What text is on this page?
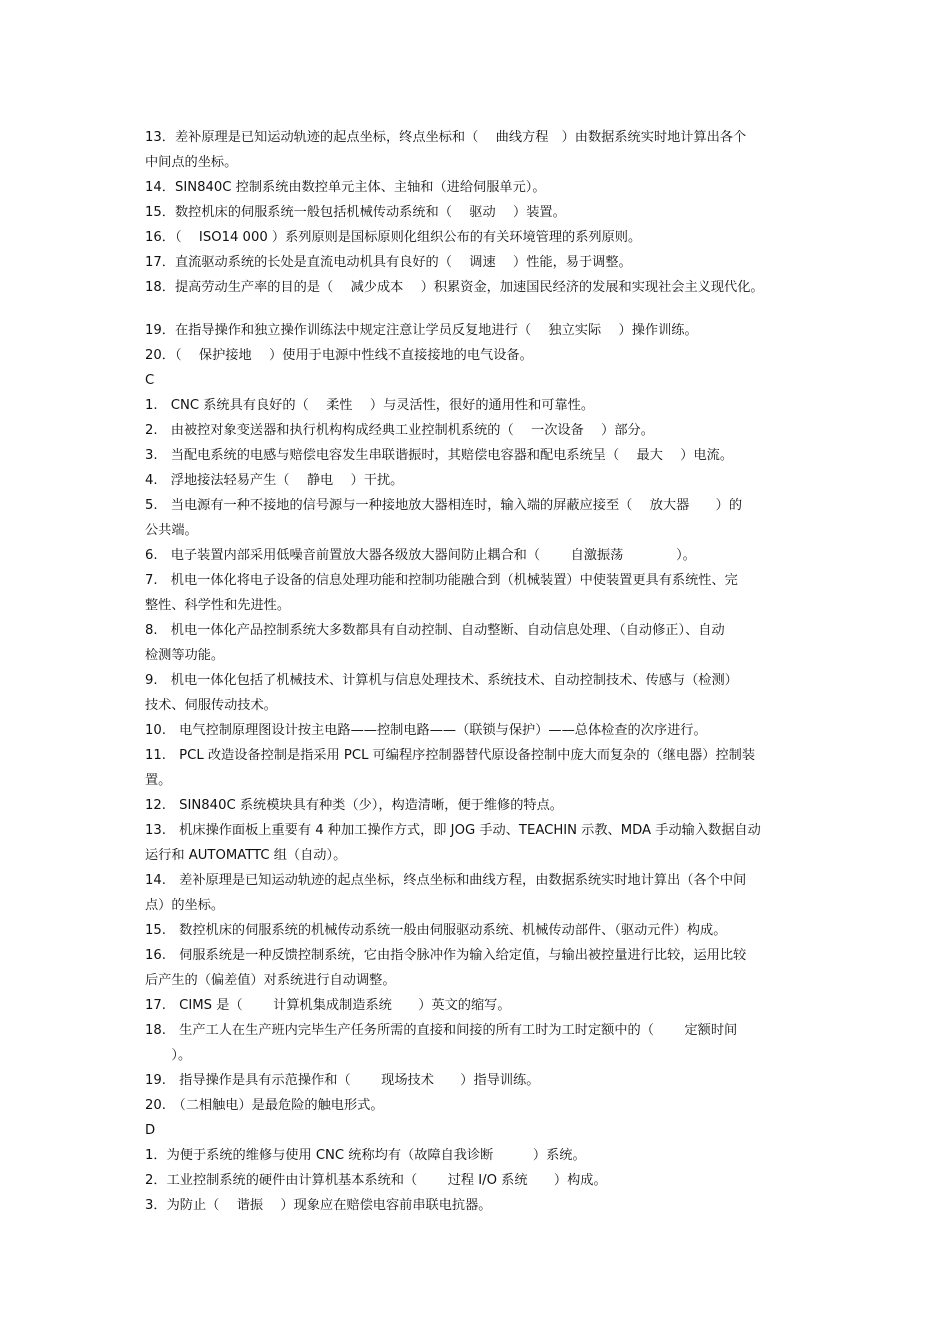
13．差补原理是已知运动轨迹的起点坐标，终点坐标和（　 曲线方程　）由数据系统实时地计算出各个
中间点的坐标。
14．SIN840C 控制系统由数控单元主体、主轴和（进给伺服单元）。
15．数控机床的伺服系统一般包括机械传动系统和（　 驱动　 ）装置。
16．（　 ISO14 000 ）系列原则是国标原则化组织公布的有关环境管理的系列原则。
17．直流驱动系统的长处是直流电动机具有良好的（　 调速　 ）性能，易于调整。
18．提高劳动生产率的目的是（　 减少成本　 ）积累资金，加速国民经济的发展和实现社会主义现代化。
19．在指导操作和独立操作训练法中规定注意让学员反复地进行（　 独立实际　 ）操作训练。
20．（　 保护接地　 ）使用于电源中性线不直接接地的电气设备。
C
1.　CNC 系统具有良好的（　 柔性　 ）与灵活性，很好的通用性和可靠性。
2.　由被控对象变送器和执行机构构成经典工业控制机系统的（　 一次设备　 ）部分。
3.　当配电系统的电感与赔偿电容发生串联谐振时，其赔偿电容器和配电系统呈（　 最大　 ）电流。
4.　浮地接法轻易产生（　 静电　 ）干扰。
5.　当电源有一种不接地的信号源与一种接地放大器相连时，输入端的屏蔽应接至（　 放大器　　）的
公共端。
6.　电子装置内部采用低噪音前置放大器各级放大器间防止耦合和（　　 自激振荡　　　　）。
7.　机电一体化将电子设备的信息处理功能和控制功能融合到（机械装置）中使装置更具有系统性、完
整性、科学性和先进性。
8.　机电一体化产品控制系统大多数都具有自动控制、自动整断、自动信息处理、（自动修正）、自动
检测等功能。
9.　机电一体化包括了机械技术、计算机与信息处理技术、系统技术、自动控制技术、传感与（检测）
技术、伺服传动技术。
10.　电气控制原理图设计按主电路——控制电路——（联锁与保护）——总体检查的次序进行。
11.　PCL 改造设备控制是指采用 PCL 可编程序控制器替代原设备控制中庞大而复杂的（继电器）控制装
置。
12.　SIN840C 系统模块具有种类（少），构造清晰，便于维修的特点。
13.　机床操作面板上重要有 4 种加工操作方式，即 JOG 手动、TEACHIN 示教、MDA 手动输入数据自动
运行和 AUTOMATTC 组（自动）。
14.　差补原理是已知运动轨迹的起点坐标，终点坐标和曲线方程，由数据系统实时地计算出（各个中间
点）的坐标。
15.　数控机床的伺服系统的机械传动系统一般由伺服驱动系统、机械传动部件、（驱动元件）构成。
16.　伺服系统是一种反馈控制系统，它由指令脉冲作为输入给定值，与输出被控量进行比较，运用比较
后产生的（偏差值）对系统进行自动调整。
17.　CIMS 是（　　 计算机集成制造系统　　）英文的缩写。
18.　生产工人在生产班内完毕生产任务所需的直接和间接的所有工时为工时定额中的（　　 定额时间
　　）。
19.　指导操作是具有示范操作和（　　 现场技术　　）指导训练。
20.　（二相触电）是最危险的触电形式。
D
1．为便于系统的维修与使用 CNC 统称均有（故障自我诊断　　　）系统。
2．工业控制系统的硬件由计算机基本系统和（　　 过程 I/O 系统　　）构成。
3．为防止（　 谐振　 ）现象应在赔偿电容前串联电抗器。
